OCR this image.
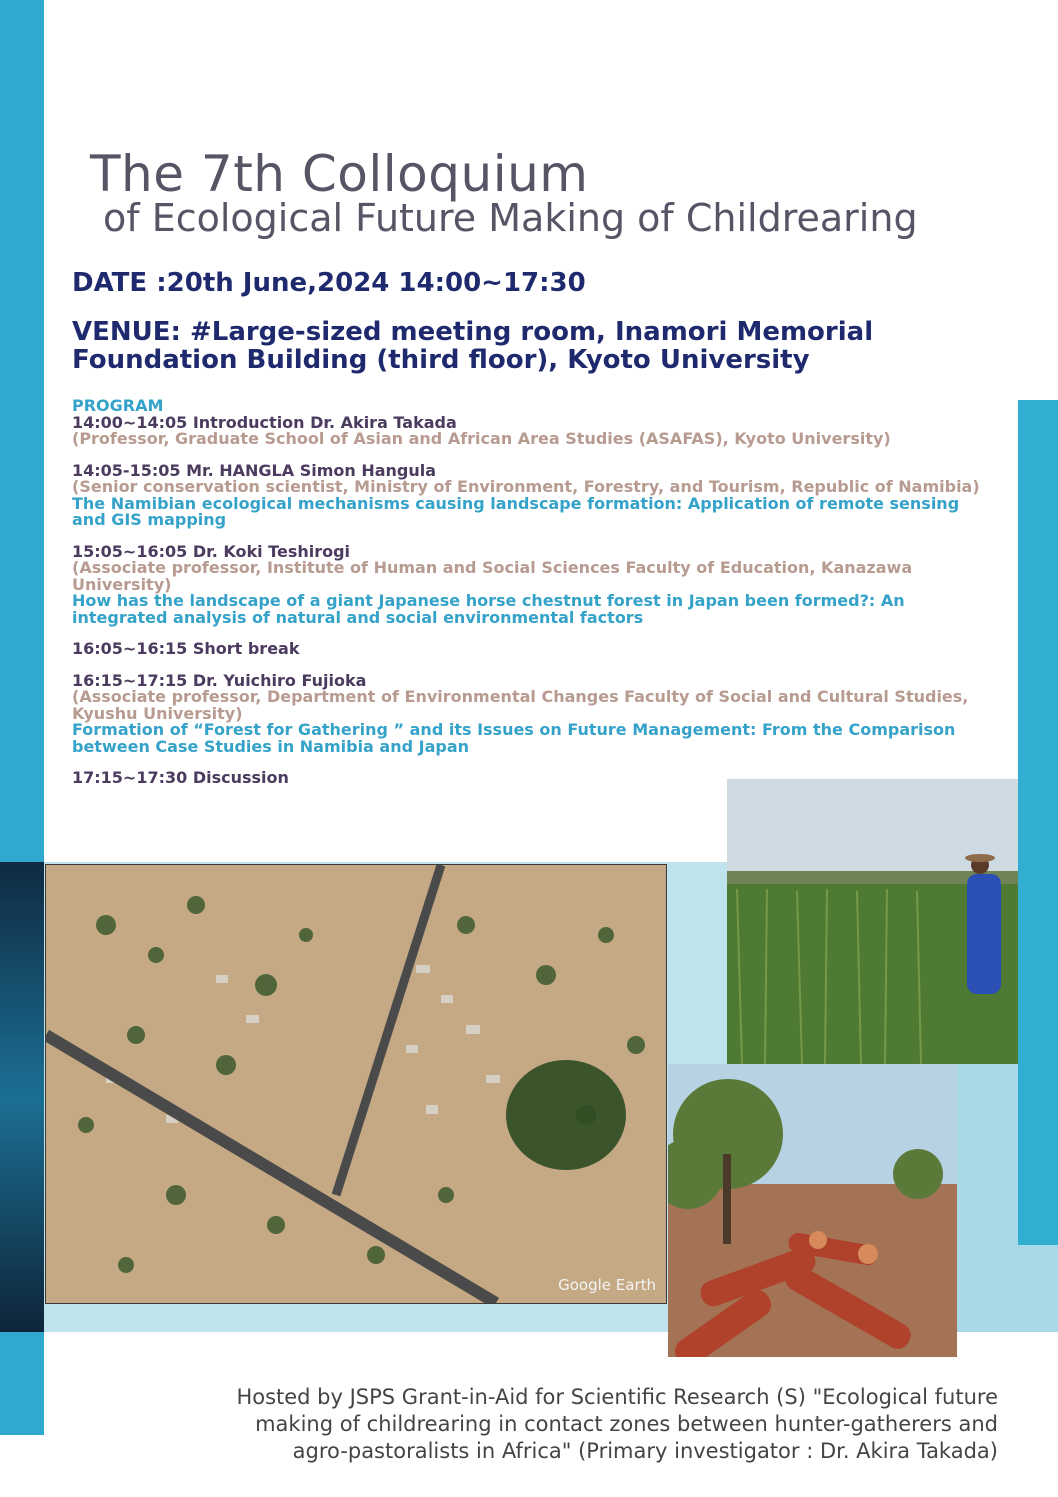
The 7th Colloquium
of Ecological Future Making of Childrearing
DATE :20th June,2024 14:00~17:30
VENUE: #Large-sized meeting room, Inamori Memorial
Foundation Building (third floor), Kyoto University
PROGRAM
14:00~14:05 Introduction Dr. Akira Takada
(Professor, Graduate School of Asian and African Area Studies (ASAFAS), Kyoto University)
14:05-15:05 Mr. HANGLA Simon Hangula
(Senior conservation scientist, Ministry of Environment, Forestry, and Tourism, Republic of Namibia)
The Namibian ecological mechanisms causing landscape formation: Application of remote sensing and GIS mapping
15:05~16:05 Dr. Koki Teshirogi
(Associate professor, Institute of Human and Social Sciences Faculty of Education, Kanazawa University)
How has the landscape of a giant Japanese horse chestnut forest in Japan been formed?: An integrated analysis of natural and social environmental factors
16:05~16:15 Short break
16:15~17:15 Dr. Yuichiro Fujioka
(Associate professor, Department of Environmental Changes Faculty of Social and Cultural Studies, Kyushu University)
Formation of “Forest for Gathering ” and its Issues on Future Management: From the Comparison between Case Studies in Namibia and Japan
17:15~17:30 Discussion
Google Earth
Hosted by JSPS Grant-in-Aid for Scientific Research (S) "Ecological future
making of childrearing in contact zones between hunter-gatherers and
agro-pastoralists in Africa" (Primary investigator : Dr. Akira Takada)
